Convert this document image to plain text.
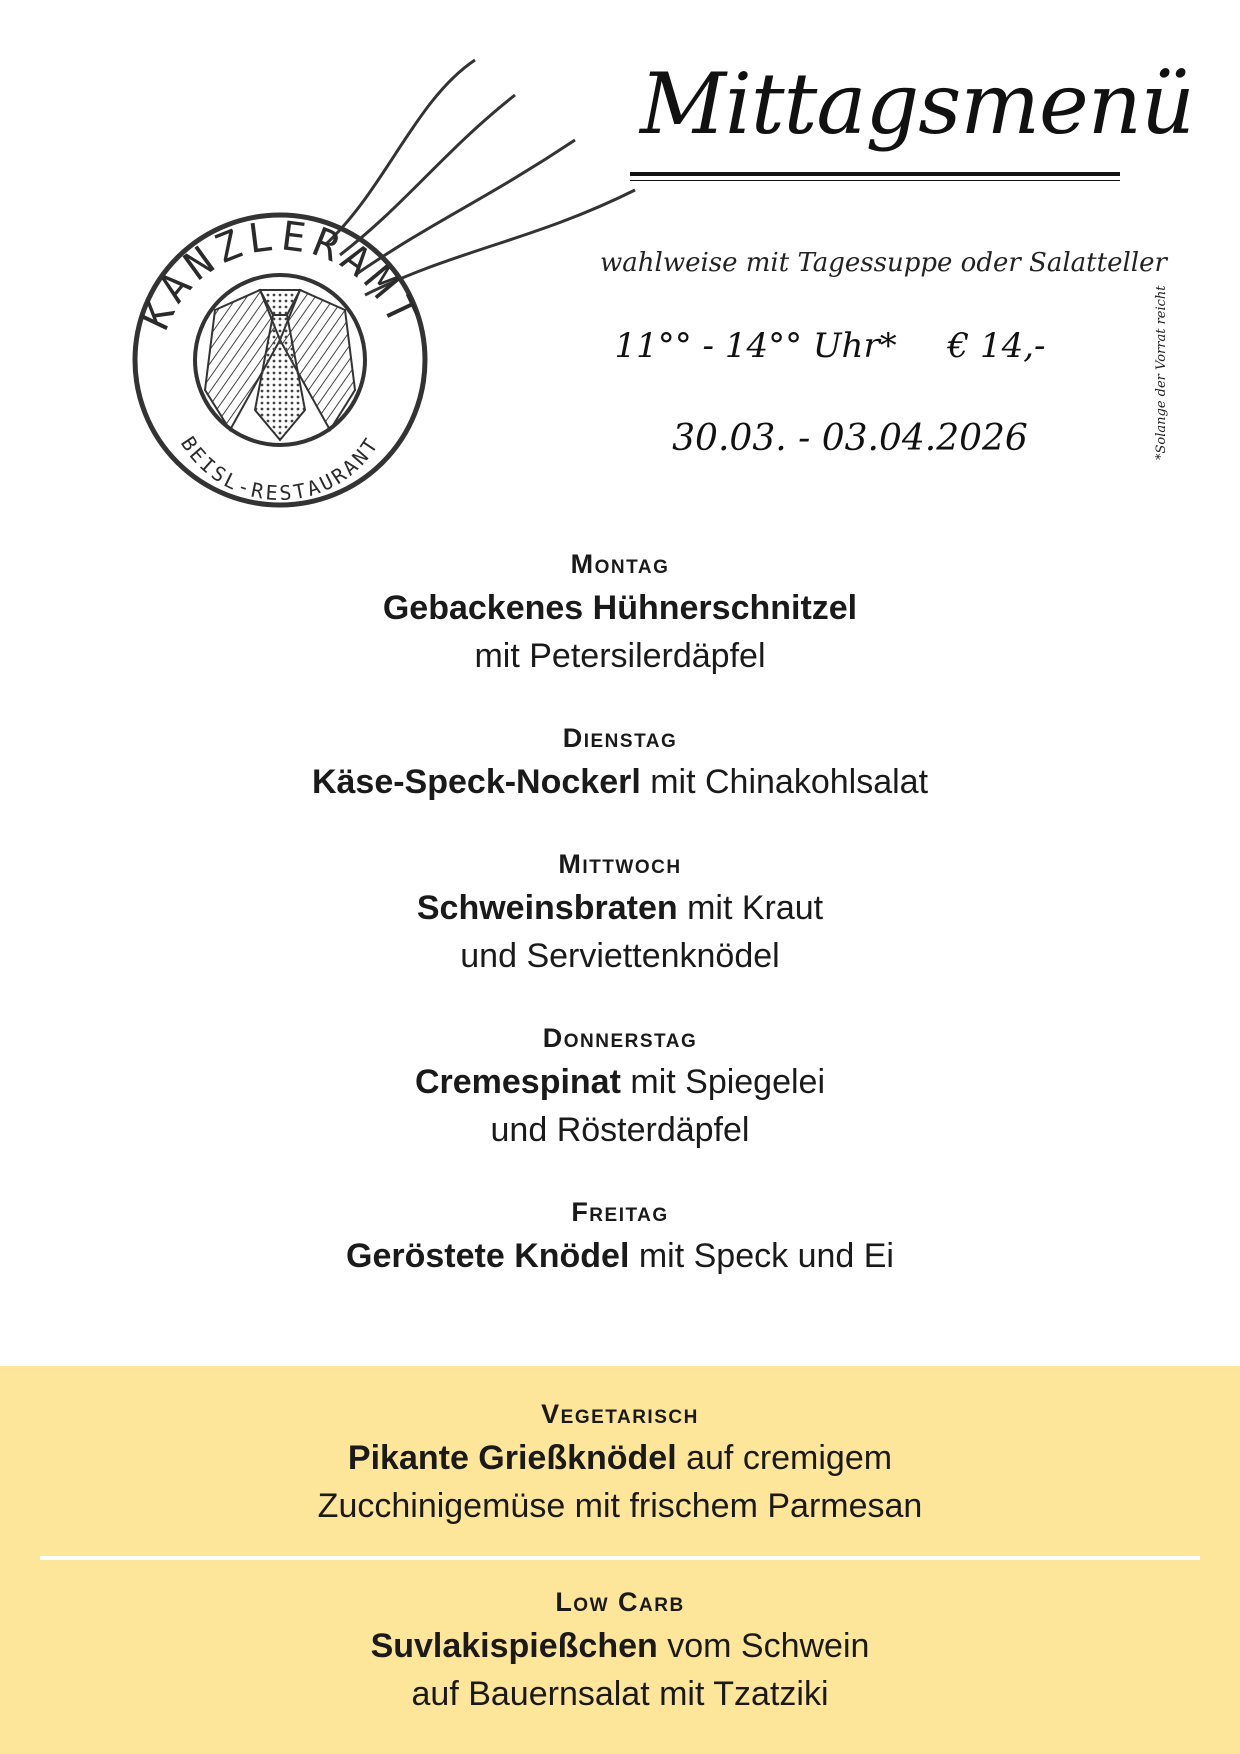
KANZLERAMT
BEISL-RESTAURANT
Mittagsmenü
wahlweise mit Tagessuppe oder Salatteller
11°° - 14°° Uhr* € 14,-
30.03. - 03.04.2026	*Solange der Vorrat reicht
Montag
Gebackenes Hühnerschnitzel
mit Petersilerdäpfel
Dienstag
Käse-Speck-Nockerl mit Chinakohlsalat
Mittwoch
Schweinsbraten mit Kraut
und Serviettenknödel
Donnerstag
Cremespinat mit Spiegelei
und Rösterdäpfel
Freitag
Geröstete Knödel mit Speck und Ei
Vegetarisch
Pikante Grießknödel auf cremigem
Zucchinigemüse mit frischem Parmesan
Low Carb
Suvlakispießchen vom Schwein
auf Bauernsalat mit Tzatziki
